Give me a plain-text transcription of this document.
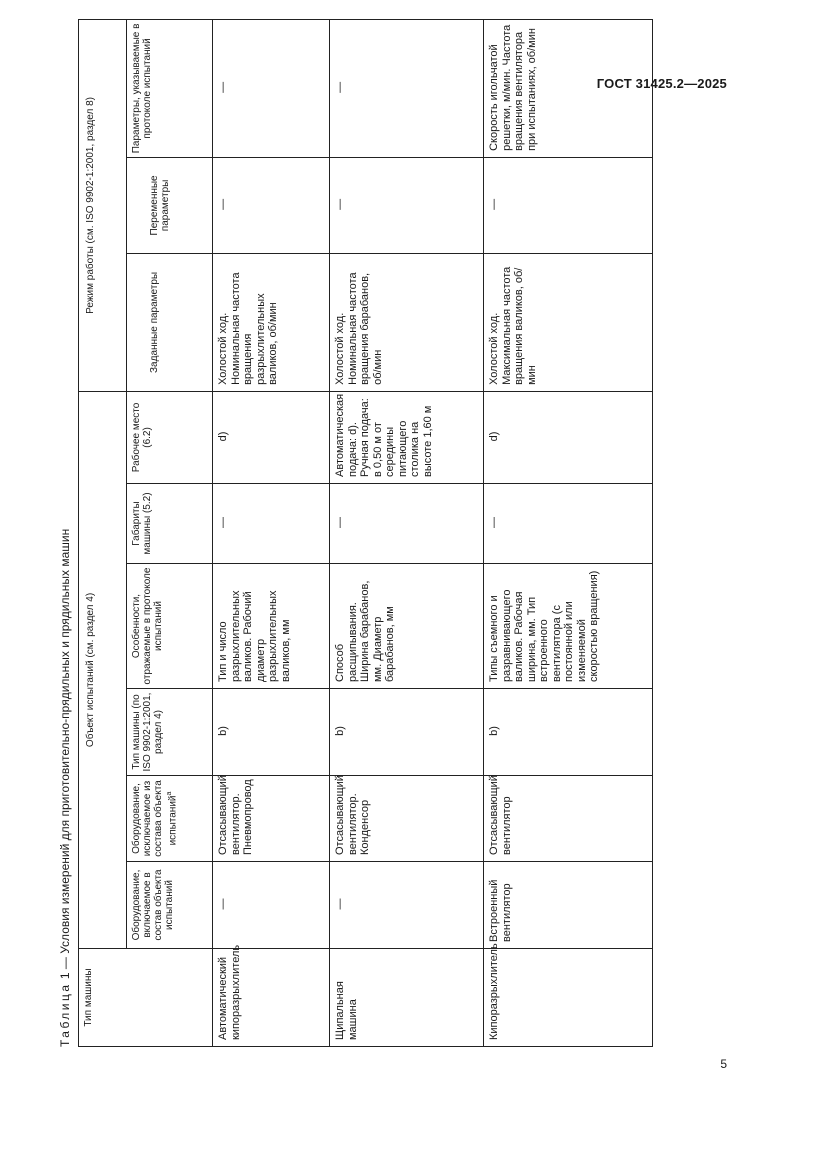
ГОСТ 31425.2—2025
Таблица 1 — Условия измерений для приготовительно-прядильных и прядильных машин
Тип машины	Объект испытаний (см. раздел 4)						Режим работы (см. ISO 9902-1:2001, раздел 8)		

	Оборудование, включаемое в состав объекта испытаний	Оборудование, исключаемое из состава объекта испытаний$^a$	Тип машины (по ISO 9902-1:2001, раздел 4)	Особенности, отражаемые в протоколе испытаний	Габариты машины (5.2)	Рабочее место (6.2)	Заданные параметры	Переменные параметры	Параметры, указываемые в протоколе испытаний

Автоматический кипоразрыхлитель	—	Отсасывающий вентилятор. Пневмопровод	b)	Тип и число разрыхлительных валиков. Рабочий диаметр разрыхлительных валиков, мм	—	d)	Холостой ход. Номинальная частота вращения разрыхлительных валиков, об/мин	—	—
Щипальная машина	—	Отсасывающий вентилятор. Конденсор	b)	Способ расщипывания. Ширина барабанов, мм. Диаметр барабанов, мм	—	Автоматическая подача: d). Ручная подача: в 0,50 м от середины питающего столика на высоте 1,60 м	Холостой ход. Номинальная частота вращения барабанов, об/мин	—	—
Кипоразрыхлитель	Встроенный вентилятор	Отсасывающий вентилятор	b)	Типы съемного и разравнивающего валиков. Рабочая ширина, мм. Тип встроенного вентилятора (с постоянной или изменяемой скоростью вращения)	—	d)	Холостой ход. Максимальная частота вращения валиков, об/мин	—	Скорость игольчатой решетки, м/мин. Частота вращения вентилятора при испытаниях, об/мин
5
